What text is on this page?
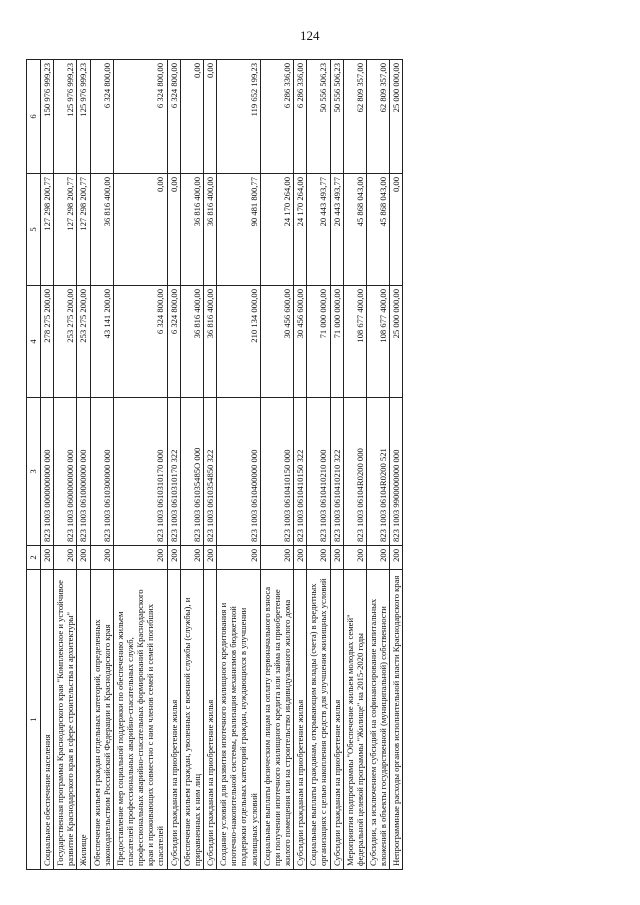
124
1	2	3	4	5	6
Социальное обеспечение населения	200	823 1003 0000000000 000	278 275 200,00	127 298 200,77	150 976 999,23
Государственная программа Краснодарского края "Комплексное и устойчивое развитие Краснодарского края в сфере строительства и архитектуры"	200	823 1003 0600000000 000	253 275 200,00	127 298 200,77	125 976 999,23
Жилище	200	823 1003 0610000000 000	253 275 200,00	127 298 200,77	125 976 999,23
Обеспечение жильем граждан отдельных категорий, определенных законодательством Российской Федерации и Краснодарского края	200	823 1003 0610300000 000	43 141 200,00	36 816 400,00	6 324 800,00
Предоставление мер социальной поддержки по обеспечению жильем спасателей профессиональных аварийно-спасательных служб, профессиональных аварийно-спасательных формирований Краснодарского края и проживающих совместно с ним членов семей и семей погибших спасателей	200	823 1003 0610310170 000	6 324 800,00	0,00	6 324 800,00
Субсидии гражданам на приобретение жилья	200	823 1003 0610310170 322	6 324 800,00	0,00	6 324 800,00
Обеспечение жильем граждан, уволенных с военной службы (службы), и приравненных к ним лиц	200	823 1003 061035485О 000	36 816 400,00	36 816 400,00	0,00
Субсидии гражданам на приобретение жилья	200	823 1003 0610354850 322	36 816 400,00	36 816 400,00	0,00
Создание условий для развития ипотечного жилищного кредитования и ипотечно-накопительной системы, реализация механизмов бюджетной поддержки отдельных категорий граждан, нуждающихся в улучшении жилищных условий	200	823 1003 0610400000 000	210 134 000,00	90 481 800,77	119 652 199,23
Социальные выплаты физическим лицам на оплату первоначального взноса при получении ипотечного жилищного кредита или займа на приобретение жилого помещения или на строительство индивидуального жилого дома	200	823 1003 0610410150 000	30 456 600,00	24 170 264,00	6 286 336,00
Субсидии гражданам на приобретение жилья	200	823 1003 0610410150 322	30 456 600,00	24 170 264,00	6 286 336,00
Социальные выплаты гражданам, открывающим вклады (счета) в кредитных организациях с целью накопления средств для улучшения жилищных условий	200	823 1003 0610410210 000	71 000 000,00	20 443 493,77	50 556 506,23
Субсидии гражданам на приобретение жилья	200	823 1003 0610410210 322	71 000 000,00	20 443 493,77	50 556 506,23
Мероприятия подпрограммы "Обеспечение жильем молодых семей" федеральной целевой программы "Жилище" на 2015-2020 годы	200	823 1003 06104R0200 000	108 677 400,00	45 868 043,00	62 809 357,00
Субсидии, за исключением субсидий на софинансирование капитальных вложений в объекты государственной (муниципальной) собственности	200	823 1003 06104R0200 521	108 677 400,00	45 868 043,00	62 809 357,00
Непрограммные расходы органов исполнительной власти Краснодарского края	200	823 1003 9900000000 000	25 000 000,00	0,00	25 000 000,00
